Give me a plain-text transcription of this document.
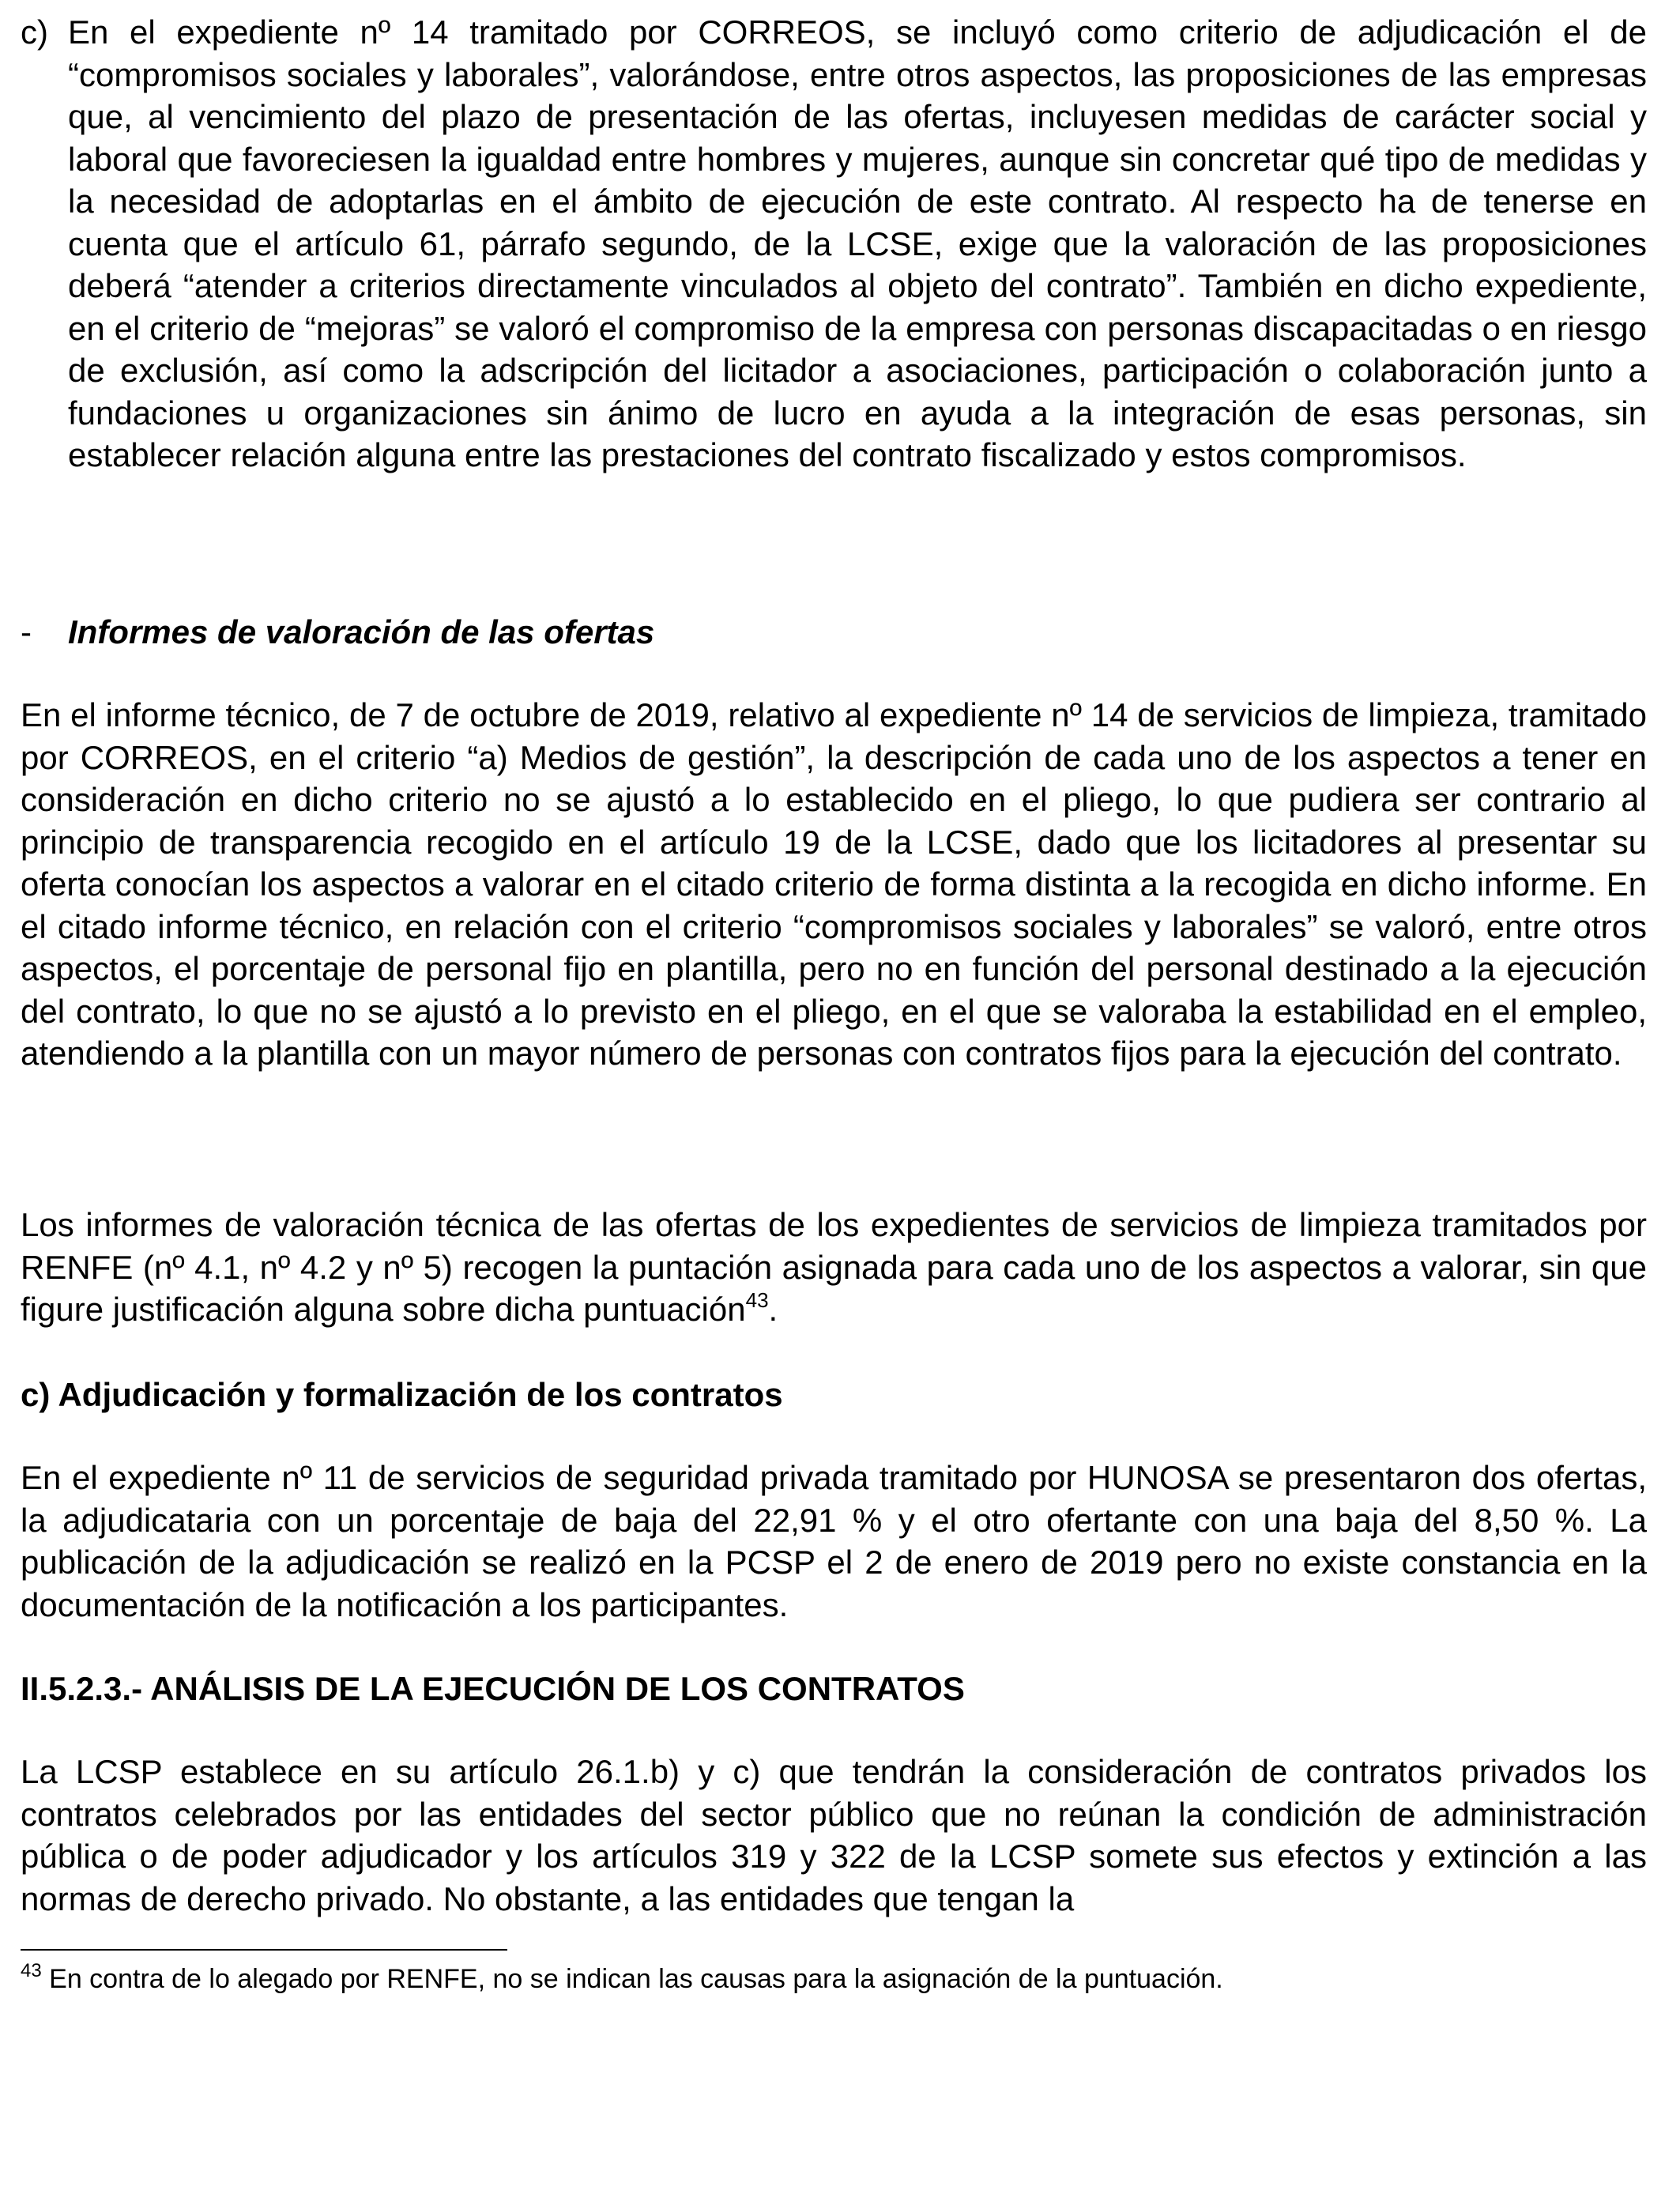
c) En el expediente nº 14 tramitado por CORREOS, se incluyó como criterio de adjudicación el de “compromisos sociales y laborales”, valorándose, entre otros aspectos, las proposiciones de las empresas que, al vencimiento del plazo de presentación de las ofertas, incluyesen medidas de carácter social y laboral que favoreciesen la igualdad entre hombres y mujeres, aunque sin concretar qué tipo de medidas y la necesidad de adoptarlas en el ámbito de ejecución de este contrato. Al respecto ha de tenerse en cuenta que el artículo 61, párrafo segundo, de la LCSE, exige que la valoración de las proposiciones deberá “atender a criterios directamente vinculados al objeto del contrato”. También en dicho expediente, en el criterio de “mejoras” se valoró el compromiso de la empresa con personas discapacitadas o en riesgo de exclusión, así como la adscripción del licitador a asociaciones, participación o colaboración junto a fundaciones u organizaciones sin ánimo de lucro en ayuda a la integración de esas personas, sin establecer relación alguna entre las prestaciones del contrato fiscalizado y estos compromisos.
-	Informes de valoración de las ofertas
En el informe técnico, de 7 de octubre de 2019, relativo al expediente nº 14 de servicios de limpieza, tramitado por CORREOS, en el criterio “a) Medios de gestión”, la descripción de cada uno de los aspectos a tener en consideración en dicho criterio no se ajustó a lo establecido en el pliego, lo que pudiera ser contrario al principio de transparencia recogido en el artículo 19 de la LCSE, dado que los licitadores al presentar su oferta conocían los aspectos a valorar en el citado criterio de forma distinta a la recogida en dicho informe. En el citado informe técnico, en relación con el criterio “compromisos sociales y laborales” se valoró, entre otros aspectos, el porcentaje de personal fijo en plantilla, pero no en función del personal destinado a la ejecución del contrato, lo que no se ajustó a lo previsto en el pliego, en el que se valoraba la estabilidad en el empleo, atendiendo a la plantilla con un mayor número de personas con contratos fijos para la ejecución del contrato.
Los informes de valoración técnica de las ofertas de los expedientes de servicios de limpieza tramitados por RENFE (nº 4.1, nº 4.2 y nº 5) recogen la puntación asignada para cada uno de los aspectos a valorar, sin que figure justificación alguna sobre dicha puntuación$^{43}$.
c) Adjudicación y formalización de los contratos
En el expediente nº 11 de servicios de seguridad privada tramitado por HUNOSA se presentaron dos ofertas, la adjudicataria con un porcentaje de baja del 22,91 % y el otro ofertante con una baja del 8,50 %. La publicación de la adjudicación se realizó en la PCSP el 2 de enero de 2019 pero no existe constancia en la documentación de la notificación a los participantes.
II.5.2.3.- ANÁLISIS DE LA EJECUCIÓN DE LOS CONTRATOS
La LCSP establece en su artículo 26.1.b) y c) que tendrán la consideración de contratos privados los contratos celebrados por las entidades del sector público que no reúnan la condición de administración pública o de poder adjudicador y los artículos 319 y 322 de la LCSP somete sus efectos y extinción a las normas de derecho privado. No obstante, a las entidades que tengan la
$^{43}$ En contra de lo alegado por RENFE, no se indican las causas para la asignación de la puntuación.
